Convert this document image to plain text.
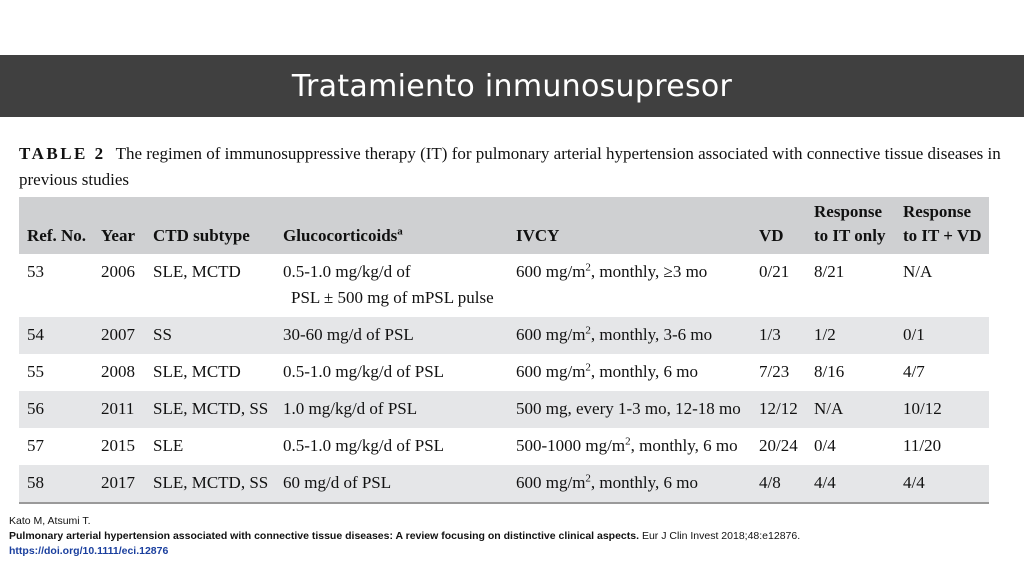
Tratamiento inmunosupresor
TABLE 2 The regimen of immunosuppressive therapy (IT) for pulmonary arterial hypertension associated with connective tissue diseases in previous studies
Ref. No.	Year	CTD subtype	Glucocorticoids$^a$	IVCY	VD	Response
to IT only	Response
to IT + VD
53	2006	SLE, MCTD	0.5-1.0 mg/kg/d of
PSL ± 500 mg of mPSL pulse	600 $mg/m^2$, monthly, ≥3 mo	0/21	8/21	N/A
54	2007	SS	30-60 mg/d of PSL	600 $mg/m^2$, monthly, 3-6 mo	1/3	1/2	0/1
55	2008	SLE, MCTD	0.5-1.0 mg/kg/d of PSL	600 $mg/m^2$, monthly, 6 mo	7/23	8/16	4/7
56	2011	SLE, MCTD, SS	1.0 mg/kg/d of PSL	500 mg, every 1-3 mo, 12-18 mo	12/12	N/A	10/12
57	2015	SLE	0.5-1.0 mg/kg/d of PSL	500-1000 $mg/m^2$, monthly, 6 mo	20/24	0/4	11/20
58	2017	SLE, MCTD, SS	60 mg/d of PSL	600 $mg/m^2$, monthly, 6 mo	4/8	4/4	4/4
Kato M, Atsumi T.
Pulmonary arterial hypertension associated with connective tissue diseases: A review focusing on distinctive clinical aspects. Eur J Clin Invest 2018;48:e12876.
https://doi.org/10.1111/eci.12876
